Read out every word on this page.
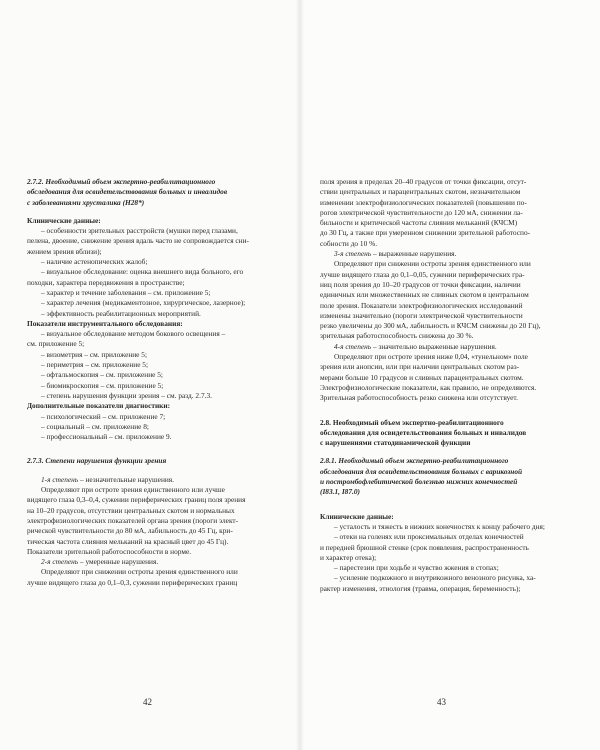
2.7.2. Необходимый объем экспертно-реабилитационного
обследования для освидетельствования больных и инвалидов
с заболеваниями хрусталика (H28*)
Клинические данные:
– особенности зрительных расстройств (мушки перед глазами,
пелена, двоение, снижение зрения вдаль часто не сопровождается сни-
жением зрения вблизи);
– наличие астенопических жалоб;
– визуальное обследование: оценка внешнего вида больного, его
походки, характера передвижения в пространстве;
– характер и течение заболевания – см. приложение 5;
– характер лечения (медикаментозное, хирургическое, лазерное);
– эффективность реабилитационных мероприятий.
Показатели инструментального обследования:
– визуальное обследование методом бокового освещения –
см. приложение 5;
– визометрия – см. приложение 5;
– периметрия – см. приложение 5;
– офтальмоскопия – см. приложение 5;
– биомикроскопия – см. приложение 5;
– степень нарушения функции зрения – см. разд. 2.7.3.
Дополнительные показатели диагностики:
– психологический – см. приложение 7;
– социальный – см. приложение 8;
– профессиональный – см. приложение 9.
2.7.3. Степени нарушения функции зрения
1-я степень – незначительные нарушения.
Определяют при остроте зрения единственного или лучше
видящего глаза 0,3–0,4, сужении периферических границ поля зрения
на 10–20 градусов, отсутствии центральных скотом и нормальных
электрофизиологических показателей органа зрения (пороги элект-
рической чувствительности до 80 мА, лабильность до 45 Гц, кри-
тическая частота слияния мельканий на красный цвет до 45 Гц).
Показатели зрительной работоспособности в норме.
2-я степень – умеренные нарушения.
Определяют при снижении остроты зрения единственного или
лучше видящего глаза до 0,1–0,3, сужении периферических границ
42
поля зрения в пределах 20–40 градусов от точки фиксации, отсут-
ствии центральных и парацентральных скотом, незначительном
изменении электрофизиологических показателей (повышении по-
рогов электрической чувствительности до 120 мА, снижении ла-
бильности и критической частоты слияния мельканий (КЧСМ)
до 30 Гц, а также при умеренном снижении зрительной работоспо-
собности до 10 %.
3-я степень – выраженные нарушения.
Определяют при снижении остроты зрения единственного или
лучше видящего глаза до 0,1–0,05, сужении периферических гра-
ниц поля зрения до 10–20 градусов от точки фиксации, наличии
единичных или множественных не сливных скотом в центральном
поле зрения. Показатели электрофизиологических исследований
изменены значительно (пороги электрической чувствительности
резко увеличены до 300 мА, лабильность и КЧСМ снижены до 20 Гц),
зрительная работоспособность снижена до 30 %.
4-я степень – значительно выраженные нарушения.
Определяют при остроте зрения ниже 0,04, «тунельном» поле
зрения или анопсии, или при наличии центральных скотом раз-
мерами больше 10 градусов и сливных парацентральных скотом.
Электрофизиологические показатели, как правило, не определяются.
Зрительная работоспособность резко снижена или отсутствует.
2.8. Необходимый объем экспертно-реабилитационного
обследования для освидетельствования больных и инвалидов
с нарушениями статодинамической функции
2.8.1. Необходимый объем экспертно-реабилитационного
обследования для освидетельствования больных с варикозной
и постромбофлебитической болезнью нижних конечностей
(I83.1, I87.0)
Клинические данные:
– усталость и тяжесть в нижних конечностях к концу рабочего дня;
– отеки на голенях или проксимальных отделах конечностей
и передней брюшной стенке (срок появления, распространенность
и характер отека);
– парестезии при ходьбе и чувство жжения в стопах;
– усиление подкожного и внутрикожного венозного рисунка, ха-
рактер изменения, этиология (травма, операция, беременность);
43
